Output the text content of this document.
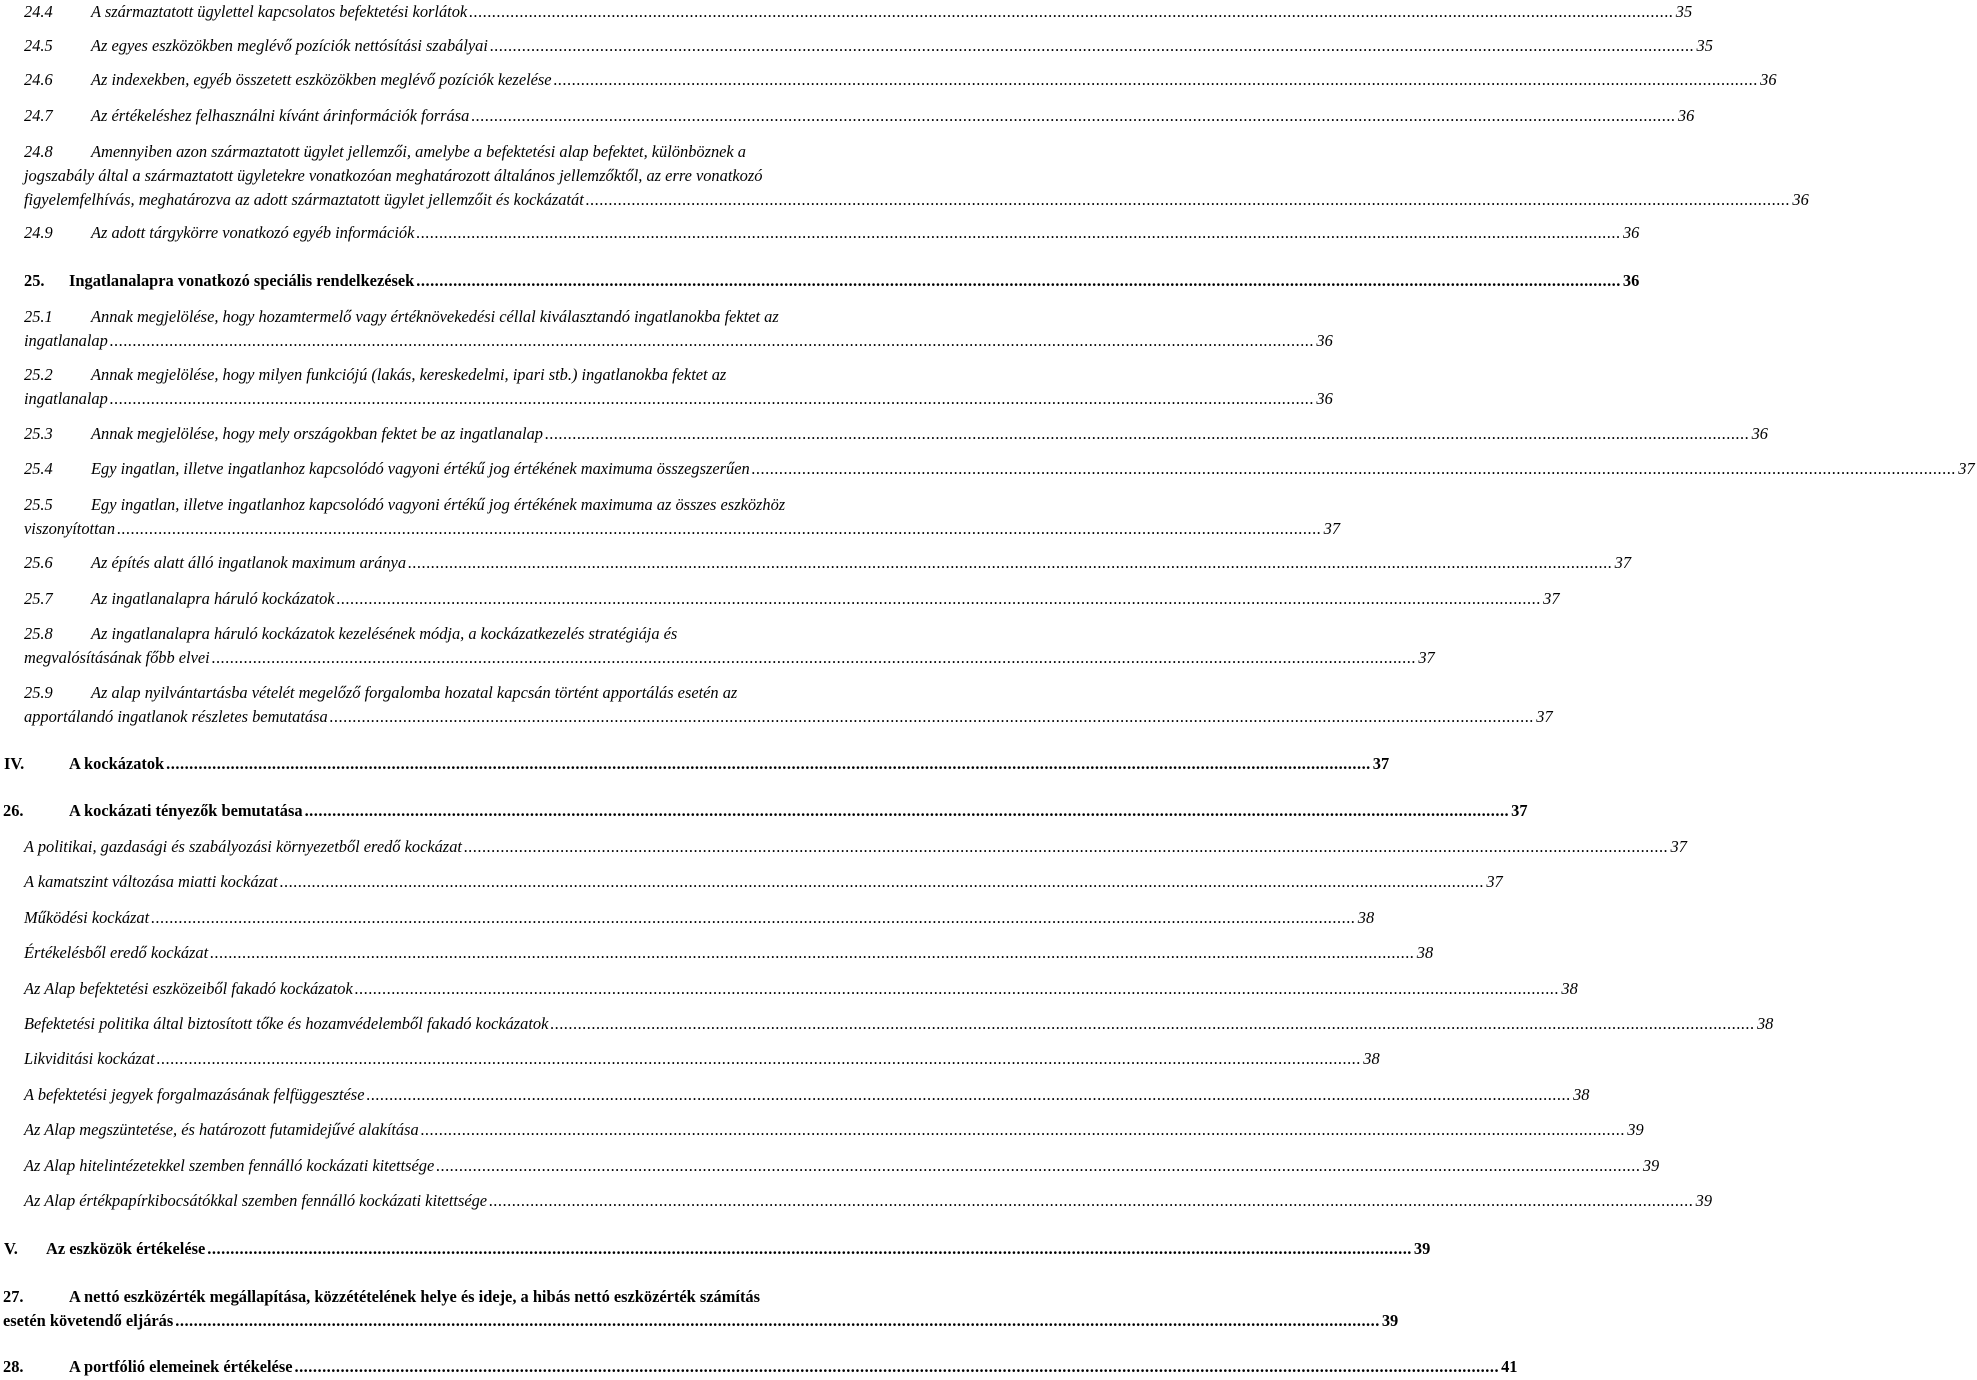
24.4	A származtatott ügylettel kapcsolatos befektetési korlátok ...................................................................................................................................................................................................................................................................... 35
24.5	Az egyes eszközökben meglévő pozíciók nettósítási szabályai ...................................................................................................................................................................................................................................................................... 35
24.6	Az indexekben, egyéb összetett eszközökben meglévő pozíciók kezelése ...................................................................................................................................................................................................................................................................... 36
24.7	Az értékeléshez felhasználni kívánt árinformációk forrása ...................................................................................................................................................................................................................................................................... 36
24.8 Amennyiben azon származtatott ügylet jellemzői, amelybe a befektetési alap befektet, különböznek a
jogszabály által a származtatott ügyletekre vonatkozóan meghatározott általános jellemzőktől, az erre vonatkozó
figyelemfelhívás, meghatározva az adott származtatott ügylet jellemzőit és kockázatát ...................................................................................................................................................................................................................................................................... 36
24.9	Az adott tárgykörre vonatkozó egyéb információk ...................................................................................................................................................................................................................................................................... 36
25.	Ingatlanalapra vonatkozó speciális rendelkezések ...................................................................................................................................................................................................................................................................... 36
25.1 Annak megjelölése, hogy hozamtermelő vagy értéknövekedési céllal kiválasztandó ingatlanokba fektet az
ingatlanalap ...................................................................................................................................................................................................................................................................... 36
25.2 Annak megjelölése, hogy milyen funkciójú (lakás, kereskedelmi, ipari stb.) ingatlanokba fektet az
ingatlanalap ...................................................................................................................................................................................................................................................................... 36
25.3	Annak megjelölése, hogy mely országokban fektet be az ingatlanalap ...................................................................................................................................................................................................................................................................... 36
25.4	Egy ingatlan, illetve ingatlanhoz kapcsolódó vagyoni értékű jog értékének maximuma összegszerűen ...................................................................................................................................................................................................................................................................... 37
25.5 Egy ingatlan, illetve ingatlanhoz kapcsolódó vagyoni értékű jog értékének maximuma az összes eszközhöz
viszonyítottan ...................................................................................................................................................................................................................................................................... 37
25.6	Az építés alatt álló ingatlanok maximum aránya ...................................................................................................................................................................................................................................................................... 37
25.7	Az ingatlanalapra háruló kockázatok ...................................................................................................................................................................................................................................................................... 37
25.8 Az ingatlanalapra háruló kockázatok kezelésének módja, a kockázatkezelés stratégiája és
megvalósításának főbb elvei ...................................................................................................................................................................................................................................................................... 37
25.9 Az alap nyilvántartásba vételét megelőző forgalomba hozatal kapcsán történt apportálás esetén az
apportálandó ingatlanok részletes bemutatása ...................................................................................................................................................................................................................................................................... 37
IV.	A kockázatok ...................................................................................................................................................................................................................................................................... 37
26.	A kockázati tényezők bemutatása ...................................................................................................................................................................................................................................................................... 37
A politikai, gazdasági és szabályozási környezetből eredő kockázat ...................................................................................................................................................................................................................................................................... 37
A kamatszint változása miatti kockázat ...................................................................................................................................................................................................................................................................... 37
Működési kockázat ...................................................................................................................................................................................................................................................................... 38
Értékelésből eredő kockázat ...................................................................................................................................................................................................................................................................... 38
Az Alap befektetési eszközeiből fakadó kockázatok ...................................................................................................................................................................................................................................................................... 38
Befektetési politika által biztosított tőke és hozamvédelemből fakadó kockázatok ...................................................................................................................................................................................................................................................................... 38
Likviditási kockázat ...................................................................................................................................................................................................................................................................... 38
A befektetési jegyek forgalmazásának felfüggesztése ...................................................................................................................................................................................................................................................................... 38
Az Alap megszüntetése, és határozott futamidejűvé alakítása ...................................................................................................................................................................................................................................................................... 39
Az Alap hitelintézetekkel szemben fennálló kockázati kitettsége ...................................................................................................................................................................................................................................................................... 39
Az Alap értékpapírkibocsátókkal szemben fennálló kockázati kitettsége ...................................................................................................................................................................................................................................................................... 39
V.	Az eszközök értékelése ...................................................................................................................................................................................................................................................................... 39
27.	A nettó eszközérték megállapítása, közzétételének helye és ideje, a hibás nettó eszközérték számítás
esetén követendő eljárás ...................................................................................................................................................................................................................................................................... 39
28.	A portfólió elemeinek értékelése ...................................................................................................................................................................................................................................................................... 41
